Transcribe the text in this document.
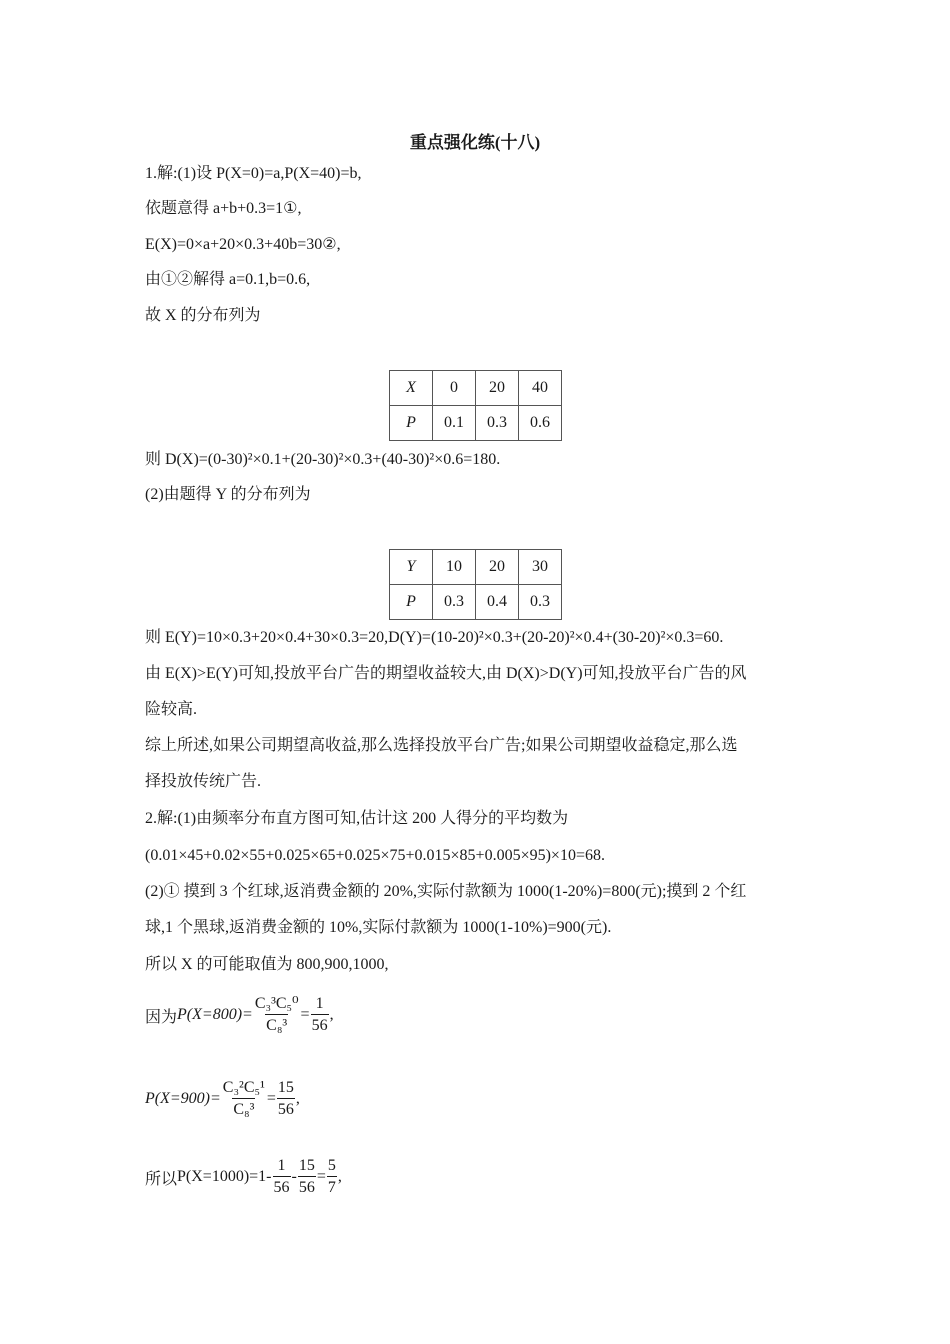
重点强化练(十八)
1.解:(1)设 P(X=0)=a,P(X=40)=b,
依题意得 a+b+0.3=1①,
E(X)=0×a+20×0.3+40b=30②,
由①②解得 a=0.1,b=0.6,
故 X 的分布列为
X	0	20	40
P	0.1	0.3	0.6
则 D(X)=(0-30)²×0.1+(20-30)²×0.3+(40-30)²×0.6=180.
(2)由题得 Y 的分布列为
Y	10	20	30
P	0.3	0.4	0.3
则 E(Y)=10×0.3+20×0.4+30×0.3=20,D(Y)=(10-20)²×0.3+(20-20)²×0.4+(30-20)²×0.3=60.
由 E(X)>E(Y)可知,投放平台广告的期望收益较大,由 D(X)>D(Y)可知,投放平台广告的风
险较高.
综上所述,如果公司期望高收益,那么选择投放平台广告;如果公司期望收益稳定,那么选
择投放传统广告.
2.解:(1)由频率分布直方图可知,估计这 200 人得分的平均数为
(0.01×45+0.02×55+0.025×65+0.025×75+0.015×85+0.005×95)×10=68.
(2)① 摸到 3 个红球,返消费金额的 20%,实际付款额为 1000(1-20%)=800(元);摸到 2 个红
球,1 个黑球,返消费金额的 10%,实际付款额为 1000(1-10%)=900(元).
所以 X 的可能取值为 800,900,1000,
因为 $P(X=800)= \frac{\text{C₃³C₅⁰}}{\text{C₈³}} = \frac{1}{56}$ ,
$P(X=900)= \frac{\text{C₃²C₅¹}}{\text{C₈³}} = \frac{15}{56}$ ,
所以 $P(X=1000)=1- \frac{1}{56} - \frac{15}{56} = \frac{5}{7}$ ,
